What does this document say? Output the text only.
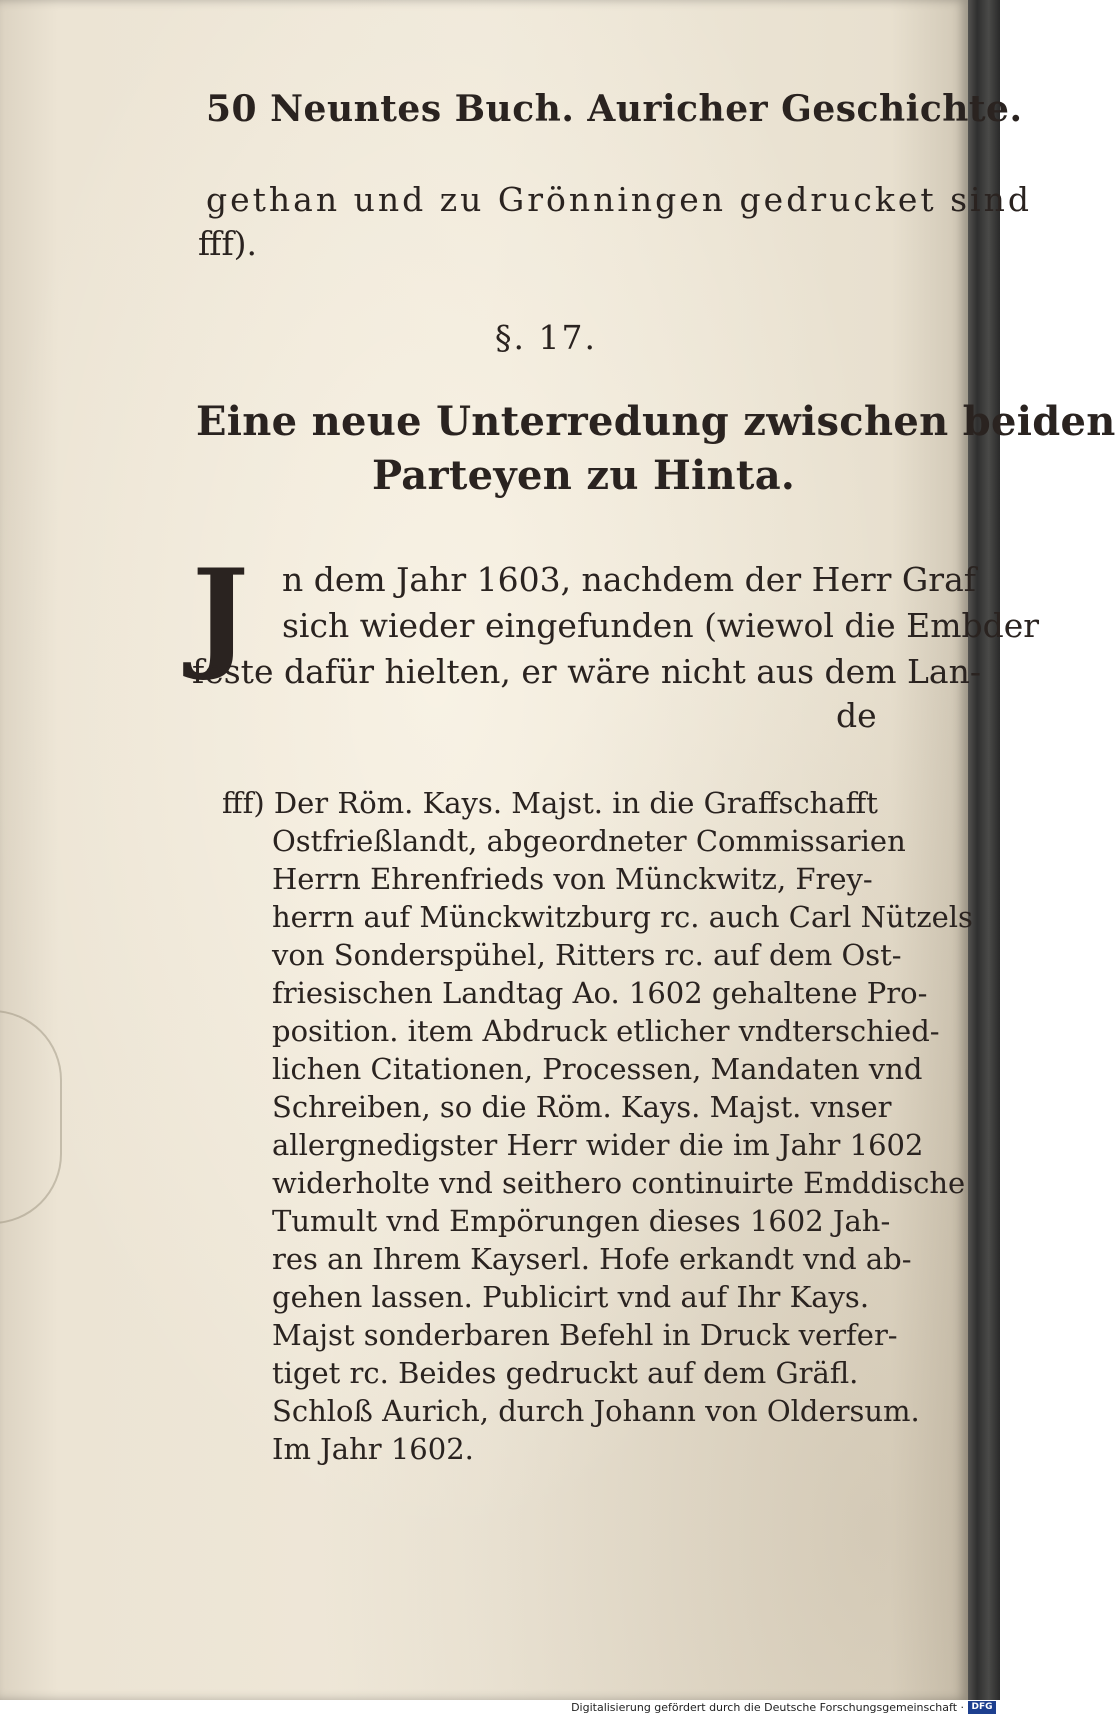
50 Neuntes Buch. Auricher Geschichte.
gethan und zu Grönningen gedrucket sind
fff).
§. 17.
Eine neue Unterredung zwischen beiden
Parteyen zu Hinta.
J n dem Jahr 1603, nachdem der Herr Graf
sich wieder eingefunden (wiewol die Embder
feste dafür hielten, er wäre nicht aus dem Lan-
de
fff) Der Röm. Kays. Majst. in die Graffschafft
Ostfrießlandt, abgeordneter Commissarien
Herrn Ehrenfrieds von Münckwitz, Frey-
herrn auf Münckwitzburg rc. auch Carl Nützels
von Sonderspühel, Ritters rc. auf dem Ost-
friesischen Landtag Ao. 1602 gehaltene Pro-
position. item Abdruck etlicher vndterschied-
lichen Citationen, Processen, Mandaten vnd
Schreiben, so die Röm. Kays. Majst. vnser
allergnedigster Herr wider die im Jahr 1602
widerholte vnd seithero continuirte Emddische
Tumult vnd Empörungen dieses 1602 Jah-
res an Ihrem Kayserl. Hofe erkandt vnd ab-
gehen lassen. Publicirt vnd auf Ihr Kays.
Majst sonderbaren Befehl in Druck verfer-
tiget rc. Beides gedruckt auf dem Gräfl.
Schloß Aurich, durch Johann von Oldersum.
Im Jahr 1602.
Digitalisierung gefördert durch die Deutsche Forschungsgemeinschaft · DFG
